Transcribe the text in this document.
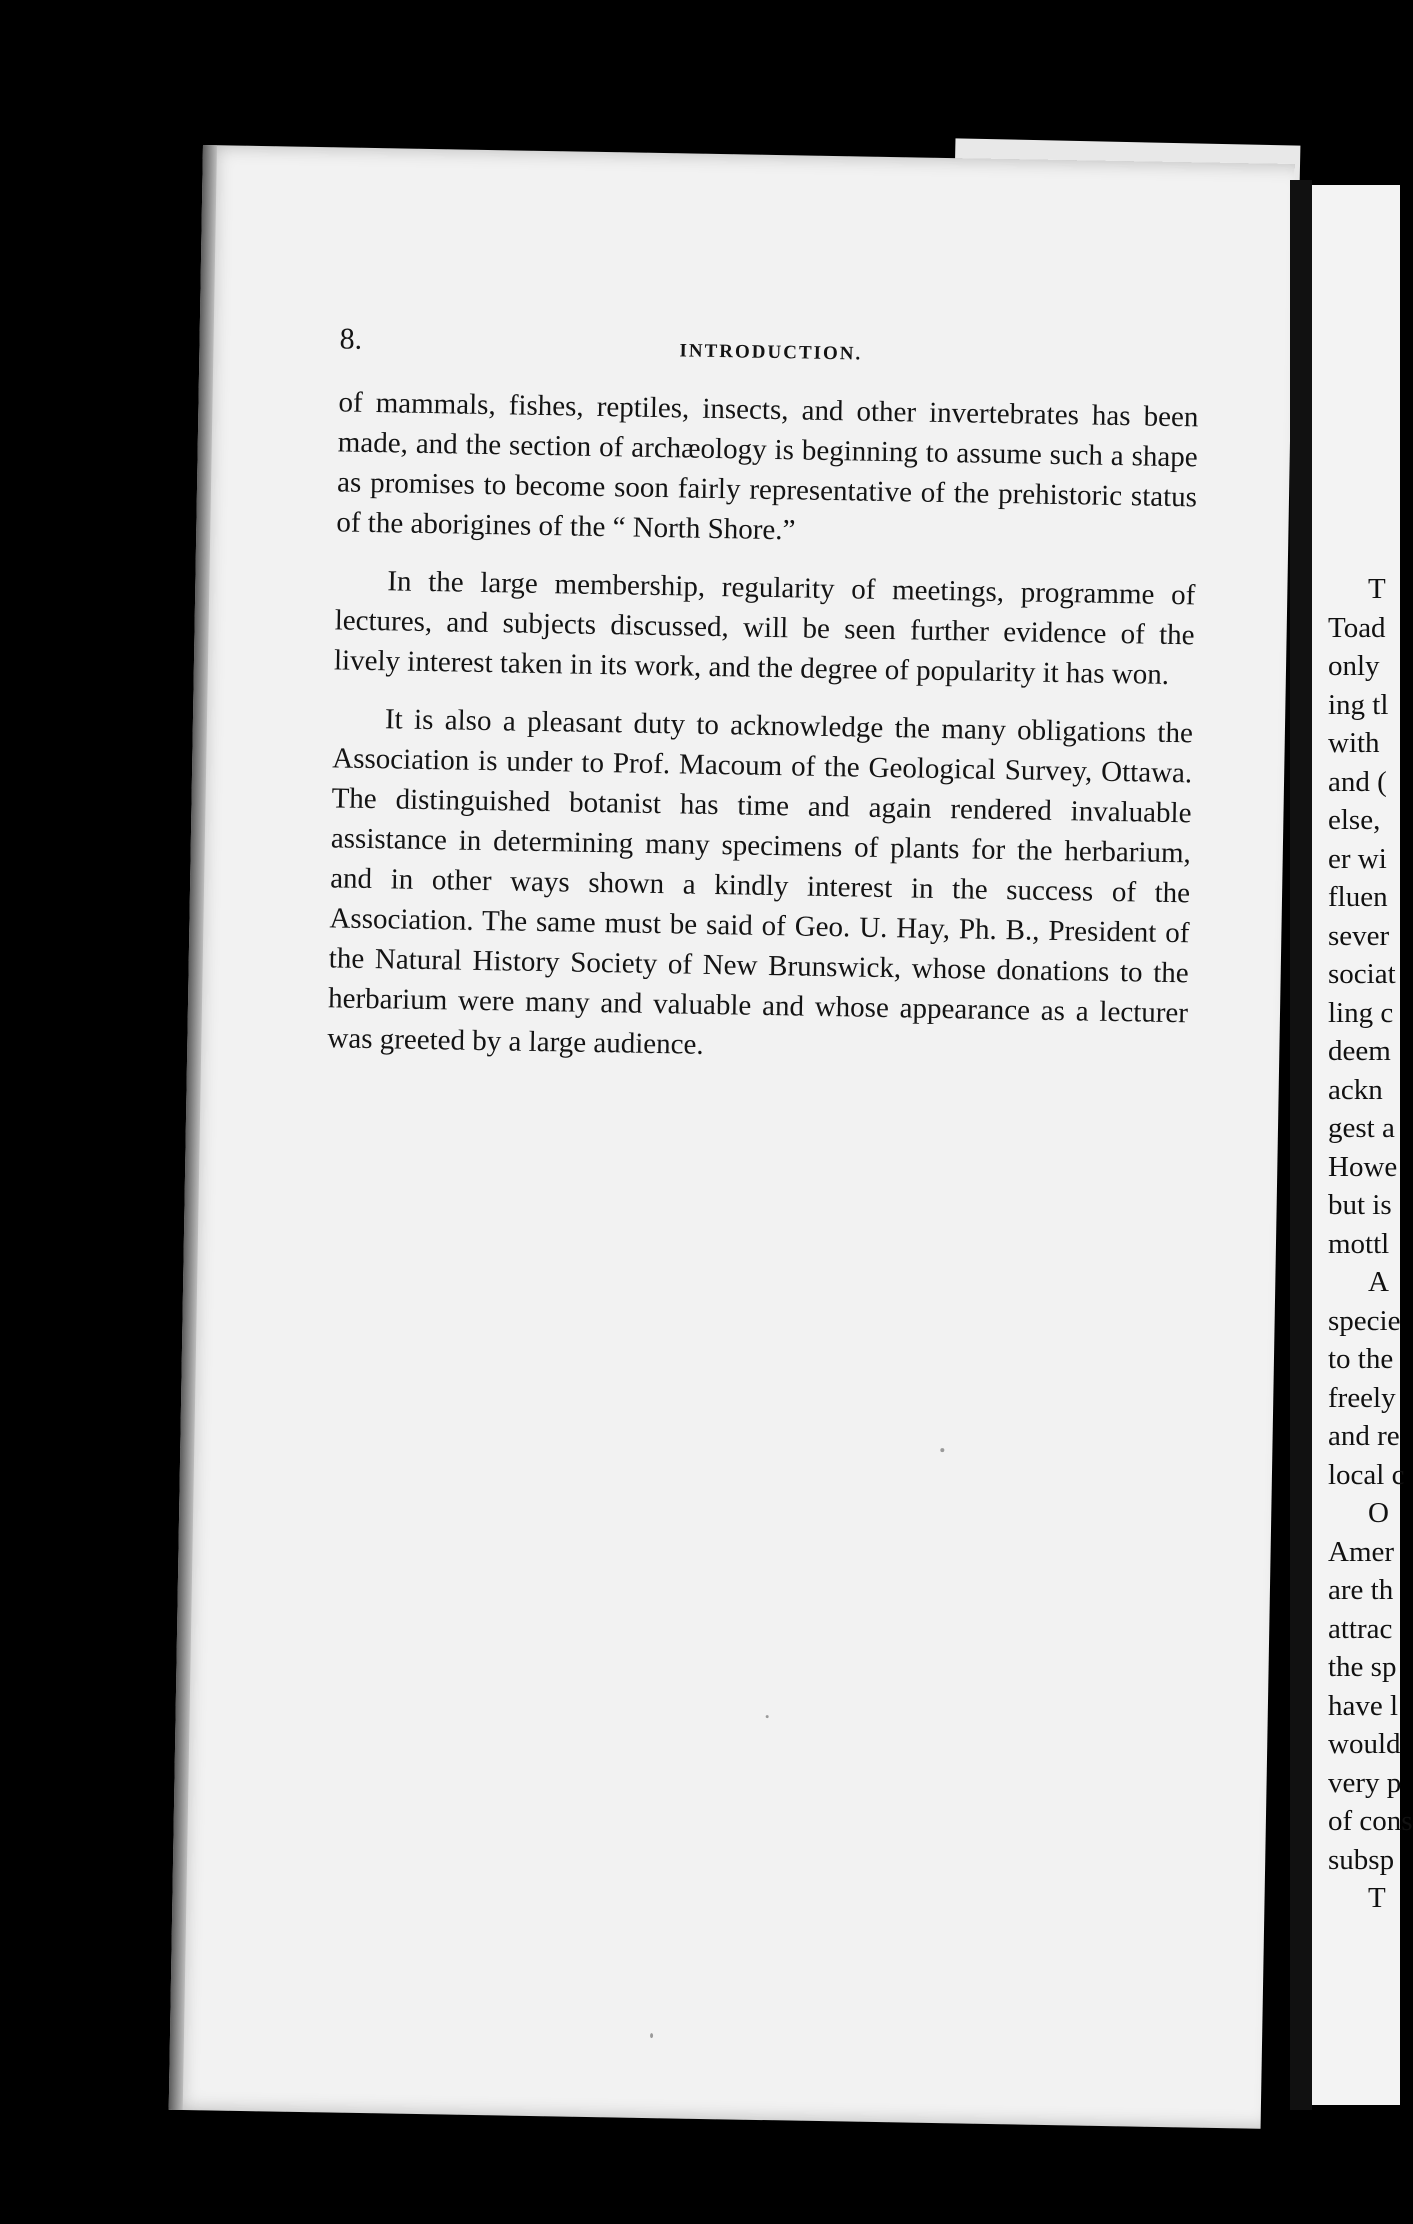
8.	INTRODUCTION.

of mammals, fishes, reptiles, insects, and other invertebrates has been made, and the section of archæology is beginning to assume such a shape as promises to become soon fairly representative of the prehistoric status of the aborigines of the “ North Shore.”

In the large membership, regularity of meetings, programme of lectures, and subjects discussed, will be seen further evidence of the lively interest taken in its work, and the degree of popularity it has won.

It is also a pleasant duty to acknowledge the many obligations the Association is under to Prof. Macoum of the Geological Survey, Ottawa. The distinguished botanist has time and again rendered invaluable assistance in determining many specimens of plants for the herbarium, and in other ways shown a kindly interest in the success of the Association. The same must be said of Geo. U. Hay, Ph. B., President of the Natural History Society of New Brunswick, whose donations to the herbarium were many and valuable and whose appearance as a lecturer was greeted by a large audience.

T
Toad
only
ing tl
with
and (
else,
er wi
fluen
sever
sociat
ling c
deem
ackn
gest a
Howe
but is
mottl
A
specie
to the
freely
and re
local c
O
Amer
are th
attrac
the sp
have l
would
very p
of cons
subsp
T
